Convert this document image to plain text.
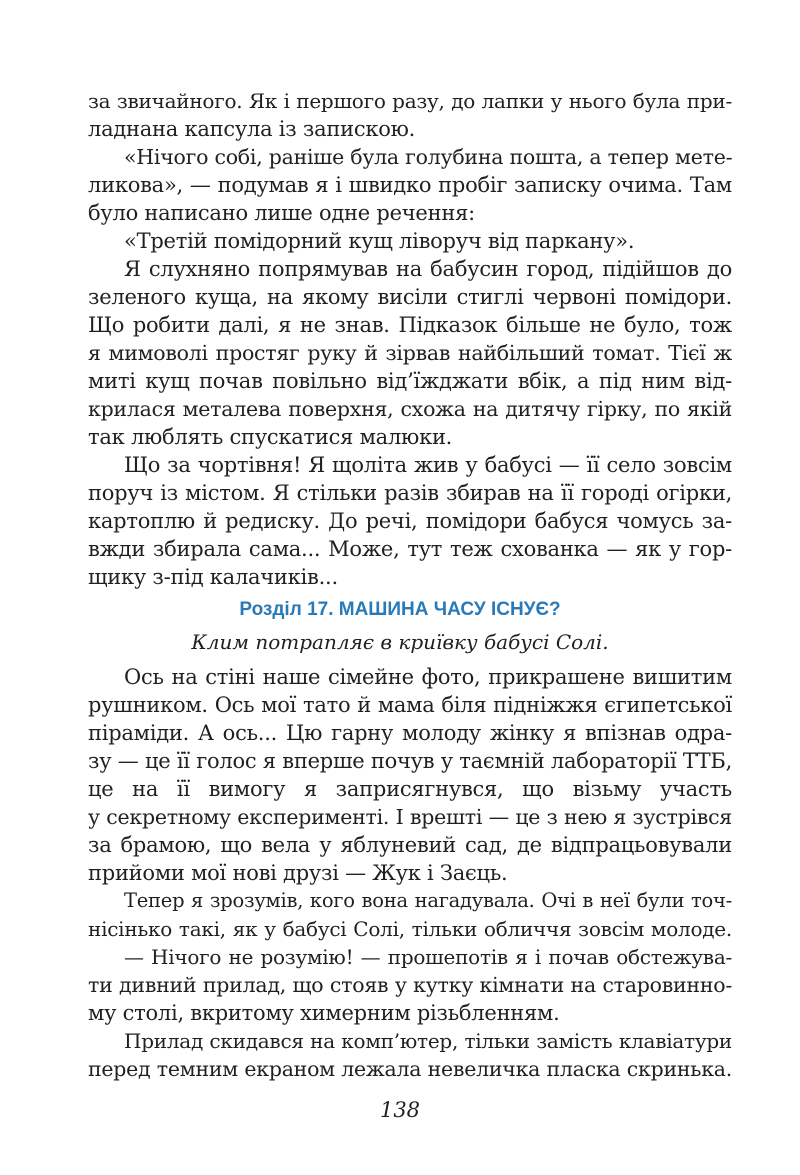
за звичайного. Як і першого разу, до лапки у нього була при-
ладнана капсула із запискою.
«Нічого собі, раніше була голубина пошта, а тепер мете-
ликова», — подумав я і швидко пробіг записку очима. Там
було написано лише одне речення:
«Третій помідорний кущ ліворуч від паркану».
Я слухняно попрямував на бабусин город, підійшов до
зеленого куща, на якому висіли стиглі червоні помідори.
Що робити далі, я не знав. Підказок більше не було, тож
я мимоволі простяг руку й зірвав найбільший томат. Тієї ж
миті кущ почав повільно від’їжджати вбік, а під ним від-
крилася металева поверхня, схожа на дитячу гірку, по якій
так люблять спускатися малюки.
Що за чортівня! Я щоліта жив у бабусі — її село зовсім
поруч із містом. Я стільки разів збирав на її городі огірки,
картоплю й редиску. До речі, помідори бабуся чомусь за-
вжди збирала сама... Може, тут теж схованка — як у гор-
щику з-під калачиків...
Розділ 17. МАШИНА ЧАСУ ІСНУЄ?
Клим потрапляє в криївку бабусі Солі.
Ось на стіні наше сімейне фото, прикрашене вишитим
рушником. Ось мої тато й мама біля підніжжя єгипетської
піраміди. А ось... Цю гарну молоду жінку я впізнав одра-
зу — це її голос я вперше почув у таємній лабораторії ТТБ,
це на її вимогу я заприсягнувся, що візьму участь
у секретному експерименті. І врешті — це з нею я зустрівся
за брамою, що вела у яблуневий сад, де відпрацьовували
прийоми мої нові друзі — Жук і Заєць.
Тепер я зрозумів, кого вона нагадувала. Очі в неї були точ-
нісінько такі, як у бабусі Солі, тільки обличчя зовсім молоде.
— Нічого не розумію! — прошепотів я і почав обстежува-
ти дивний прилад, що стояв у кутку кімнати на старовинно-
му столі, вкритому химерним різьбленням.
Прилад скидався на комп’ютер, тільки замість клавіатури
перед темним екраном лежала невеличка пласка скринька.
138
